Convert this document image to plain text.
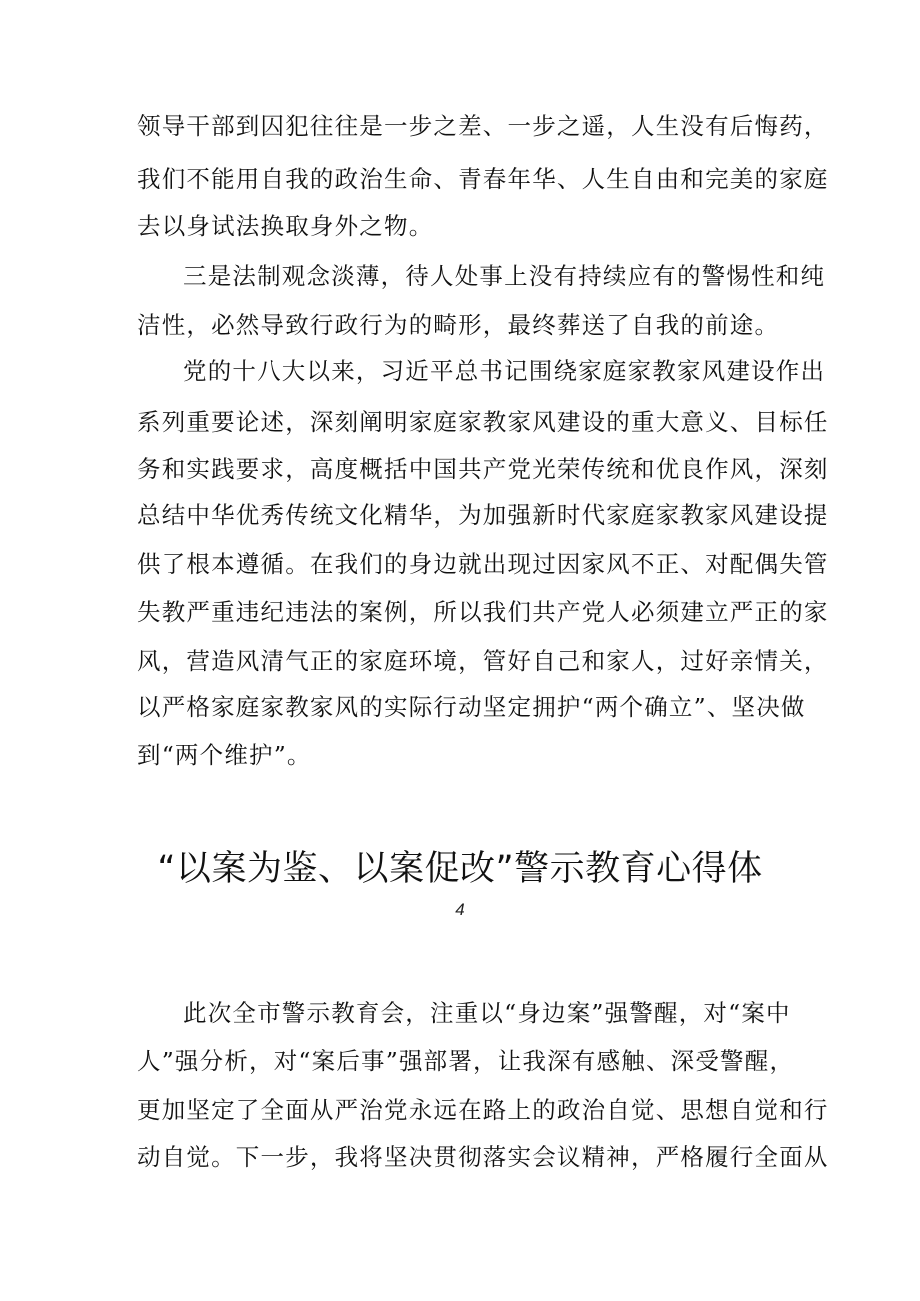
领导干部到囚犯往往是一步之差、一步之遥，人生没有后悔药，
我们不能用自我的政治生命、青春年华、人生自由和完美的家庭
去以身试法换取身外之物。
三是法制观念淡薄，待人处事上没有持续应有的警惕性和纯
洁性，必然导致行政行为的畸形，最终葬送了自我的前途。
党的十八大以来，习近平总书记围绕家庭家教家风建设作出
系列重要论述，深刻阐明家庭家教家风建设的重大意义、目标任
务和实践要求，高度概括中国共产党光荣传统和优良作风，深刻
总结中华优秀传统文化精华，为加强新时代家庭家教家风建设提
供了根本遵循。在我们的身边就出现过因家风不正、对配偶失管
失教严重违纪违法的案例，所以我们共产党人必须建立严正的家
风，营造风清气正的家庭环境，管好自己和家人，过好亲情关，
以严格家庭家教家风的实际行动坚定拥护“两个确立”、坚决做
到“两个维护”。
“以案为鉴、以案促改”警示教育心得体
4
此次全市警示教育会，注重以“身边案”强警醒，对“案中
人”强分析，对“案后事”强部署，让我深有感触、深受警醒，
更加坚定了全面从严治党永远在路上的政治自觉、思想自觉和行
动自觉。下一步，我将坚决贯彻落实会议精神，严格履行全面从
